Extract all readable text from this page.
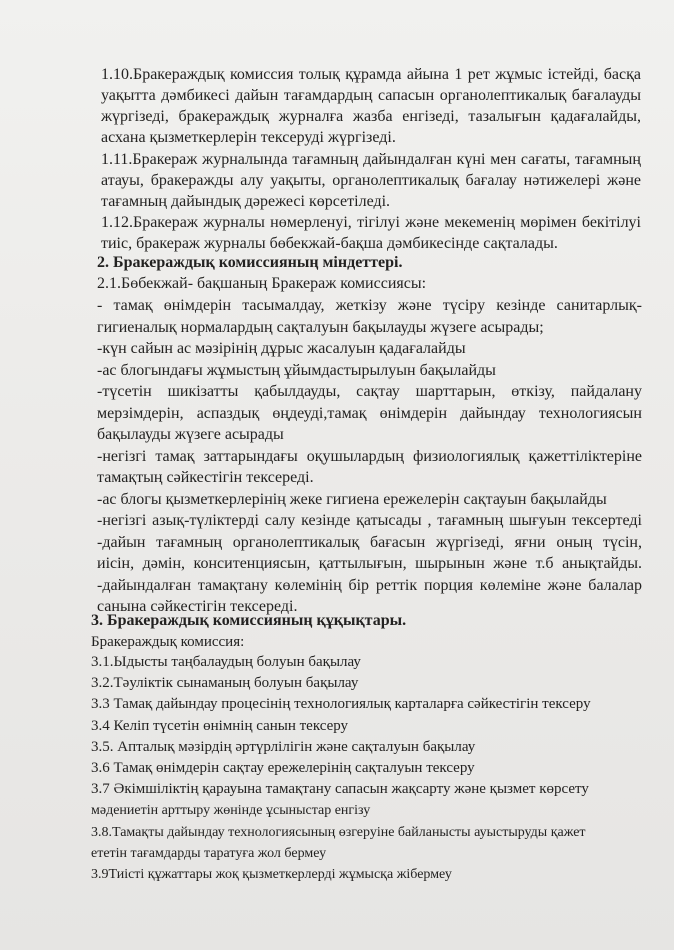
1.10.Бракераждық комиссия толық құрамда айына 1 рет жұмыс істейді, басқа
уақытта дәмбикесі дайын тағамдардың сапасын органолептикалық бағалауды
жүргізеді, бракераждық журналға жазба енгізеді, тазалығын қадағалайды,
асхана қызметкерлерін тексеруді жүргізеді.
1.11.Бракераж журналында тағамның дайындалған күні мен сағаты, тағамның
атауы, бракеражды алу уақыты, органолептикалық бағалау нәтижелері және
тағамның дайындық дәрежесі көрсетіледі.
1.12.Бракераж журналы нөмерленуі, тігілуі және мекеменің мөрімен бекітілуі
тиіс, бракераж журналы бөбекжай-бақша дәмбикесінде сақталады.
2. Бракераждық комиссияның міндеттері.
2.1.Бөбекжай- бақшаның Бракераж комиссиясы:
- тамақ өнімдерін тасымалдау, жеткізу және түсіру кезінде санитарлық-
гигиеналық нормалардың сақталуын бақылауды жүзеге асырады;
-күн сайын ас мәзірінің дұрыс жасалуын қадағалайды
-ас блогындағы жұмыстың ұйымдастырылуын бақылайды
-түсетін шикізатты қабылдауды, сақтау шарттарын, өткізу, пайдалану
мерзімдерін, аспаздық өңдеуді,тамақ өнімдерін дайындау технологиясын
бақылауды жүзеге асырады
-негізгі тамақ заттарындағы оқушылардың физиологиялық қажеттіліктеріне
тамақтың сәйкестігін тексереді.
-ас блогы қызметкерлерінің жеке гигиена ережелерін сақтауын бақылайды
-негізгі азық-түліктерді салу кезінде қатысады , тағамның шығуын тексертеді
-дайын тағамның органолептикалық бағасын жүргізеді, яғни оның түсін,
иісін, дәмін, конситенциясын, қаттылығын, шырынын және т.б анықтайды.
-дайындалған тамақтану көлемінің бір реттік порция көлеміне және балалар
санына сәйкестігін тексереді.
3. Бракераждық комиссияның құқықтары.
Бракераждық комиссия:
3.1.Ыдысты таңбалаудың болуын бақылау
3.2.Тәуліктік сынаманың болуын бақылау
3.3 Тамақ дайындау процесінің технологиялық карталарға сәйкестігін тексеру
3.4 Келіп түсетін өнімнің санын тексеру
3.5. Апталық мәзірдің әртүрлілігін және сақталуын бақылау
3.6 Тамақ өнімдерін сақтау ережелерінің сақталуын тексеру
3.7 Әкімшіліктің қарауына тамақтану сапасын жақсарту және қызмет көрсету
мәдениетін арттыру жөнінде ұсыныстар енгізу
3.8.Тамақты дайындау технологиясының өзгеруіне байланысты ауыстыруды қажет
ететін тағамдарды таратуға жол бермеу
3.9Тиісті құжаттары жоқ қызметкерлерді жұмысқа жібермеу
